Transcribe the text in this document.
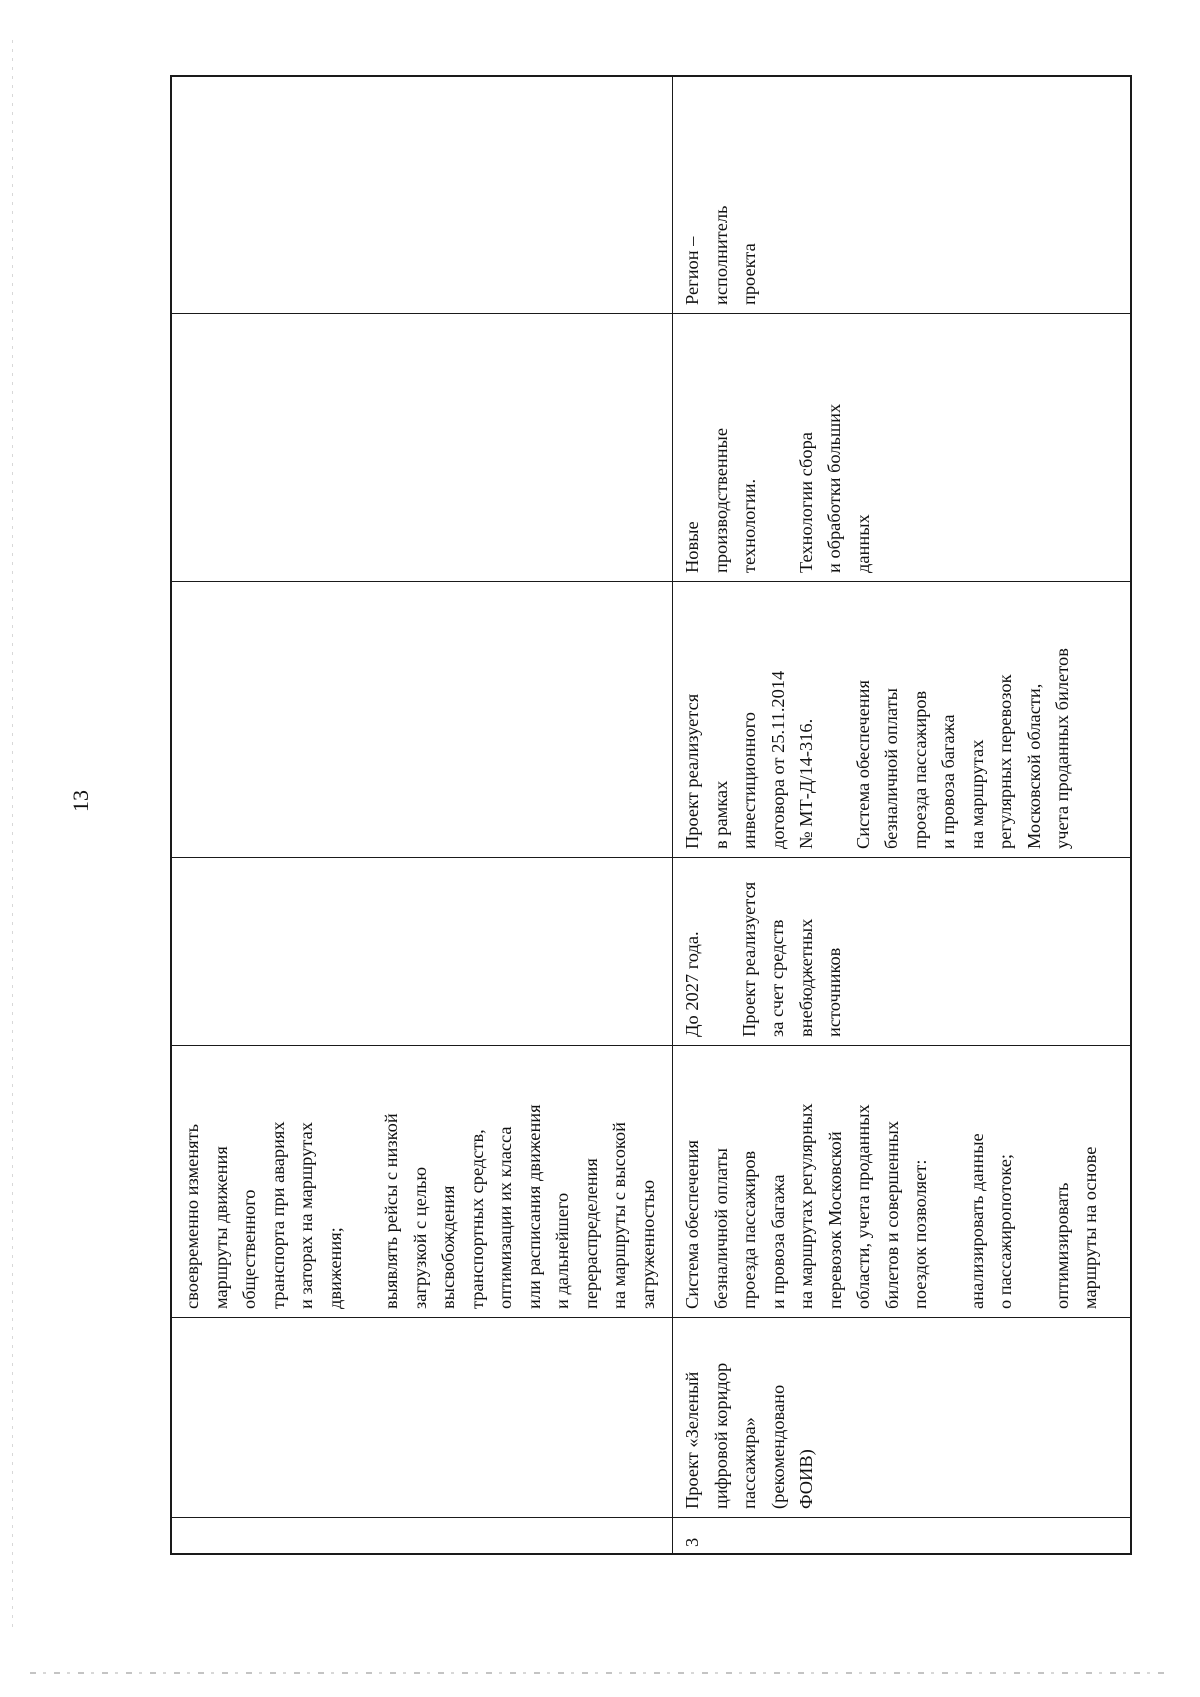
13
своевременно изменять
маршруты движения
общественного
транспорта при авариях
и заторах на маршрутах
движения; выявлять рейсы с низкой
загрузкой с целью
высвобождения
транспортных средств,
оптимизации их класса
или расписания движения
и дальнейшего
перераспределения
на маршруты с высокой
загруженностью
3
Проект «Зеленый
цифровой коридор
пассажира»
(рекомендовано
ФОИВ)
Система обеспечения
безналичной оплаты
проезда пассажиров
и провоза багажа
на маршрутах регулярных
перевозок Московской
области, учета проданных
билетов и совершенных
поездок позволяет: анализировать данные
о пассажиропотоке; оптимизировать
маршруты на основе
До 2027 года. Проект реализуется
за счет средств
внебюджетных
источников
Проект реализуется
в рамках
инвестиционного
договора от 25.11.2014
№ МТ-Д/14-316. Система обеспечения
безналичной оплаты
проезда пассажиров
и провоза багажа
на маршрутах
регулярных перевозок
Московской области,
учета проданных билетов
Новые
производственные
технологии. Технологии сбора
и обработки больших
данных
Регион –
исполнитель
проекта
